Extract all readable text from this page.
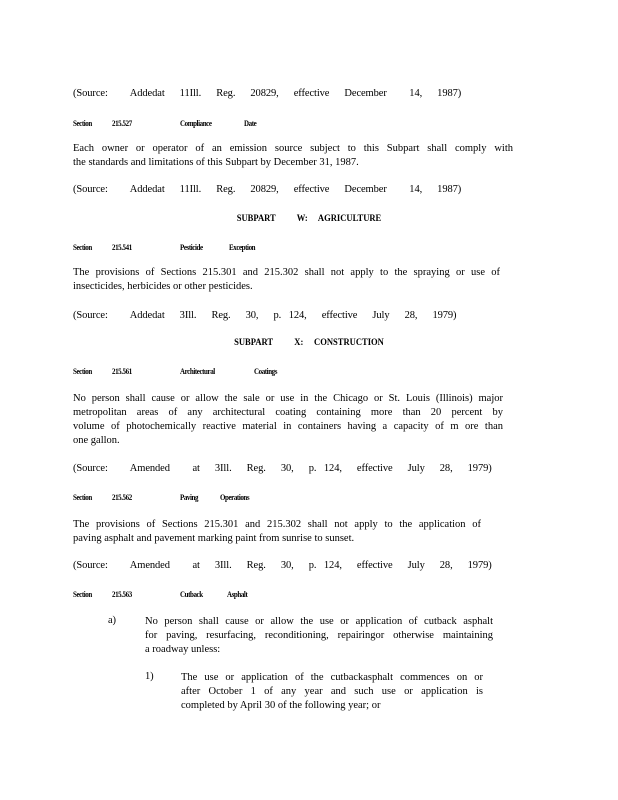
(Source:   Addedat  11Ill.  Reg.  20829,  effective  December   14,  1987)
Section 215.527	Compliance	Date
Each owner or operator of an emission source subject to this Subpart shall comply with
the standards and limitations of this Subpart by December 31, 1987.
(Source:   Addedat  11Ill.  Reg.  20829,  effective  December   14,  1987)
SUBPART          W:     AGRICULTURE
Section 215.541	Pesticide	Exception
The provisions of Sections 215.301 and 215.302 shall not apply to the spraying or use of
insecticides, herbicides or other pesticides.
(Source:   Addedat  3Ill.  Reg.  30,  p. 124,  effective  July  28,  1979)
SUBPART          X:     CONSTRUCTION
Section 215.561	Architectural	Coatings
No person shall cause or allow the sale or use in the Chicago or St. Louis (Illinois) major
metropolitan areas of any architectural coating containing more than 20 percent by
volume of photochemically reactive material in containers having a capacity of m ore than
one gallon.
(Source:   Amended   at  3Ill.  Reg.  30,  p. 124,  effective  July  28,  1979)
Section 215.562	Paving	Operations
The provisions of Sections 215.301 and 215.302 shall not apply to the application of
paving asphalt and pavement marking paint from sunrise to sunset.
(Source:   Amended   at  3Ill.  Reg.  30,  p. 124,  effective  July  28,  1979)
Section 215.563	Cutback	Asphalt
a)	No person shall cause or allow the use or application of cutback asphalt
for paving, resurfacing, reconditioning, repairingor otherwise maintaining
a roadway unless:
1)	The use or application of the cutbackasphalt commences on or
after October 1 of any year and such use or application is
completed by April 30 of the following year; or
